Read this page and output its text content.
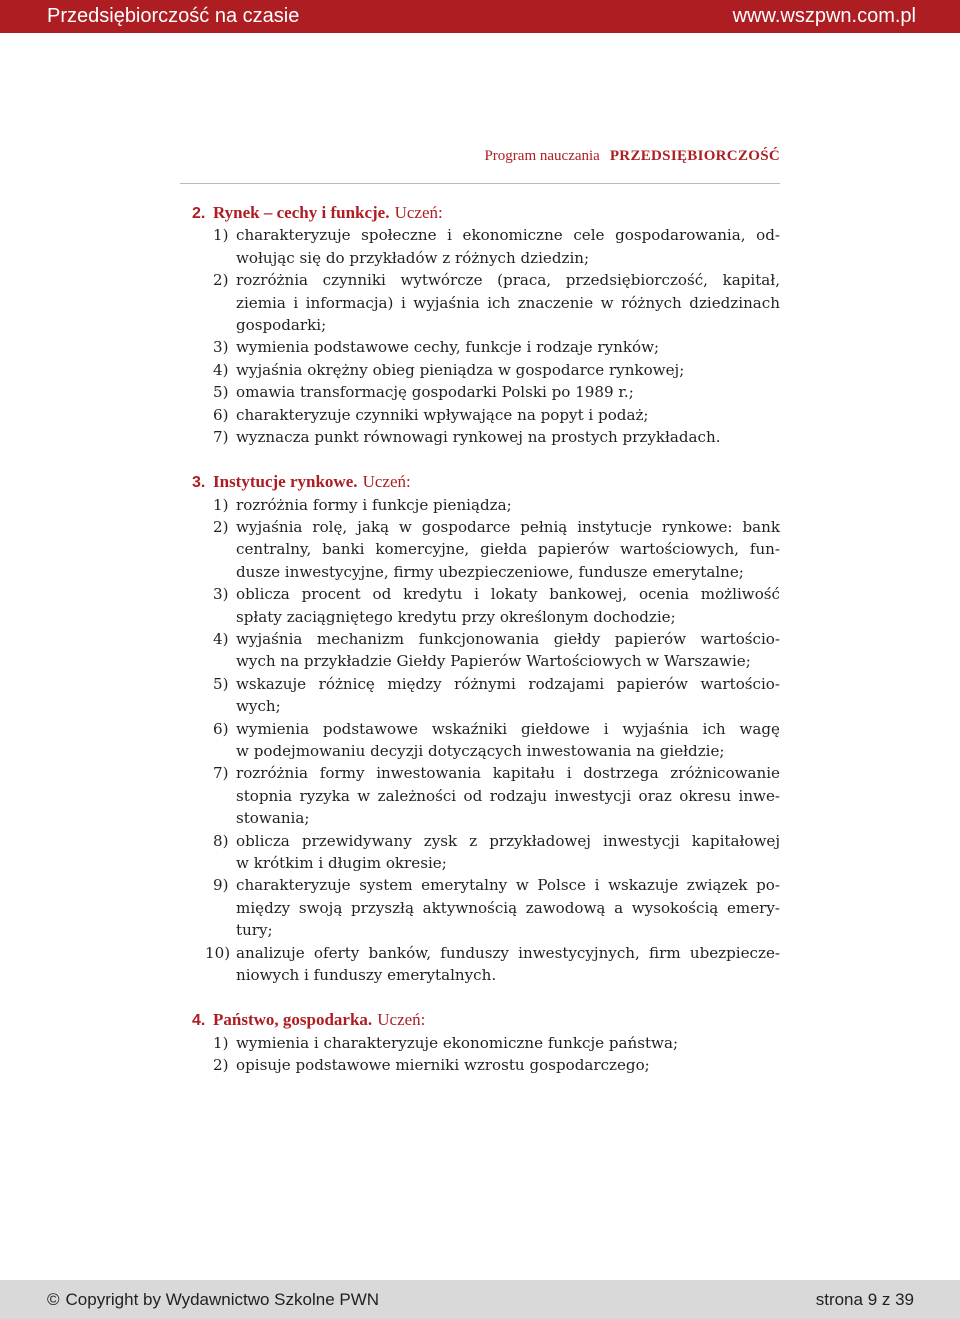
Przedsiębiorczość na czasie	www.wszpwn.com.pl
Program nauczania PRZEDSIĘBIORCZOŚĆ
2. Rynek – cechy i funkcje. Uczeń:
1) charakteryzuje społeczne i ekonomiczne cele gospodarowania, od-
wołując się do przykładów z różnych dziedzin;
2) rozróżnia czynniki wytwórcze (praca, przedsiębiorczość, kapitał,
ziemia i informacja) i wyjaśnia ich znaczenie w różnych dziedzinach
gospodarki;
3) wymienia podstawowe cechy, funkcje i rodzaje rynków;
4) wyjaśnia okrężny obieg pieniądza w gospodarce rynkowej;
5) omawia transformację gospodarki Polski po 1989 r.;
6) charakteryzuje czynniki wpływające na popyt i podaż;
7) wyznacza punkt równowagi rynkowej na prostych przykładach.
3. Instytucje rynkowe. Uczeń:
1) rozróżnia formy i funkcje pieniądza;
2) wyjaśnia rolę, jaką w gospodarce pełnią instytucje rynkowe: bank
centralny, banki komercyjne, giełda papierów wartościowych, fun-
dusze inwestycyjne, firmy ubezpieczeniowe, fundusze emerytalne;
3) oblicza procent od kredytu i lokaty bankowej, ocenia możliwość
spłaty zaciągniętego kredytu przy określonym dochodzie;
4) wyjaśnia mechanizm funkcjonowania giełdy papierów wartościo-
wych na przykładzie Giełdy Papierów Wartościowych w Warszawie;
5) wskazuje różnicę między różnymi rodzajami papierów wartościo-
wych;
6) wymienia podstawowe wskaźniki giełdowe i wyjaśnia ich wagę
w podejmowaniu decyzji dotyczących inwestowania na giełdzie;
7) rozróżnia formy inwestowania kapitału i dostrzega zróżnicowanie
stopnia ryzyka w zależności od rodzaju inwestycji oraz okresu inwe-
stowania;
8) oblicza przewidywany zysk z przykładowej inwestycji kapitałowej
w krótkim i długim okresie;
9) charakteryzuje system emerytalny w Polsce i wskazuje związek po-
między swoją przyszłą aktywnością zawodową a wysokością emery-
tury;
10) analizuje oferty banków, funduszy inwestycyjnych, firm ubezpiecze-
niowych i funduszy emerytalnych.
4. Państwo, gospodarka. Uczeń:
1) wymienia i charakteryzuje ekonomiczne funkcje państwa;
2) opisuje podstawowe mierniki wzrostu gospodarczego;
© Copyright by Wydawnictwo Szkolne PWN	strona 9 z 39
